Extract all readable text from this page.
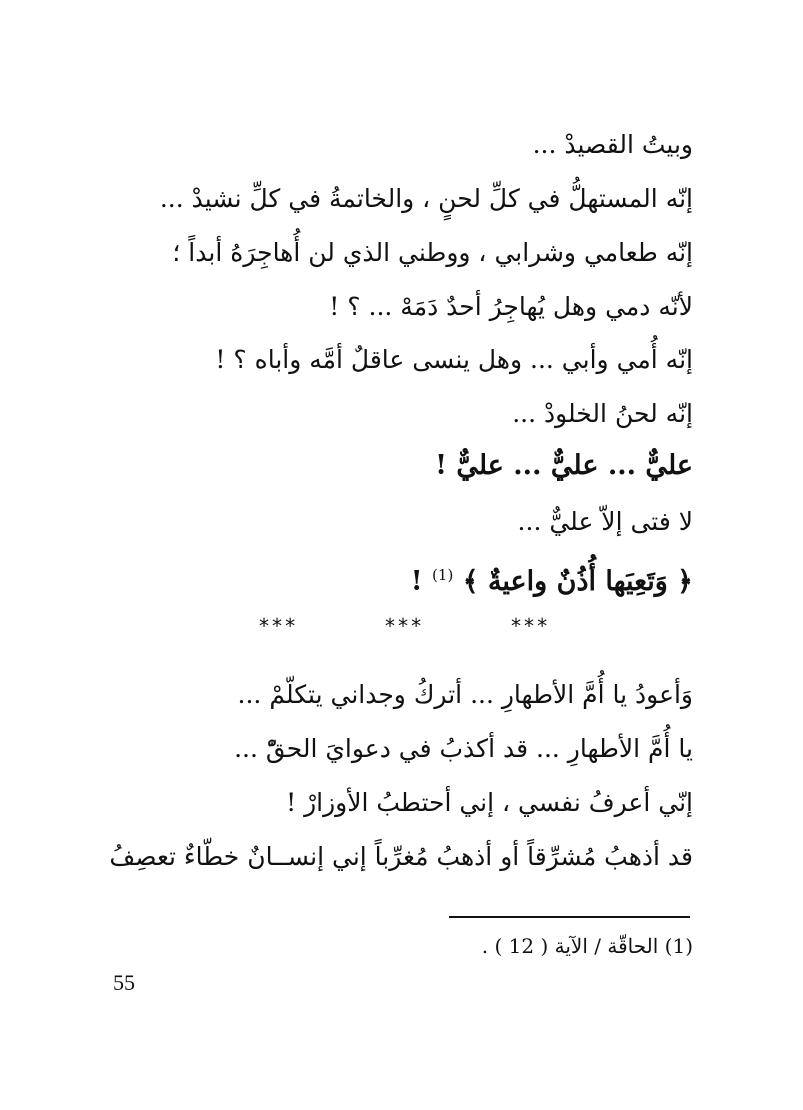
وبيتُ القصيدْ ...
إنّه المستهلُّ في كلِّ لحنٍ ، والخاتمةُ في كلِّ نشيدْ ...
إنّه طعامي وشرابي ، ووطني الذي لن أُهاجِرَهُ أبداً ؛
لأنّه دمي وهل يُهاجِرُ أحدٌ دَمَهْ ... ؟ !
إنّه أُمي وأبي ... وهل ينسى عاقلٌ أمَّه وأباه ؟ !
إنّه لحنُ الخلودْ ...
عليٌّ ... عليٌّ ... عليٌّ !
لا فتى إلاّ عليٌّ ...
﴿ وَتَعِيَها أُذُنٌ واعيةٌ ﴾ $^{(1)}$ !
***
***
***
وَأعودُ يا أُمَّ الأطهارِ ... أتركُ وجداني يتكلّمْ ...
يا أُمَّ الأطهارِ ... قد أكذبُ في دعوايَ الحقّْ ...
إنّي أعرفُ نفسي ، إني أحتطبُ الأوزارْ !
قد أذهبُ مُشرِّقاً أو أذهبُ مُغرِّباً إني إنســانٌ خطّاءٌ تعصِفُ
(1) الحاقّة / الآية ( 12 ) .
55
